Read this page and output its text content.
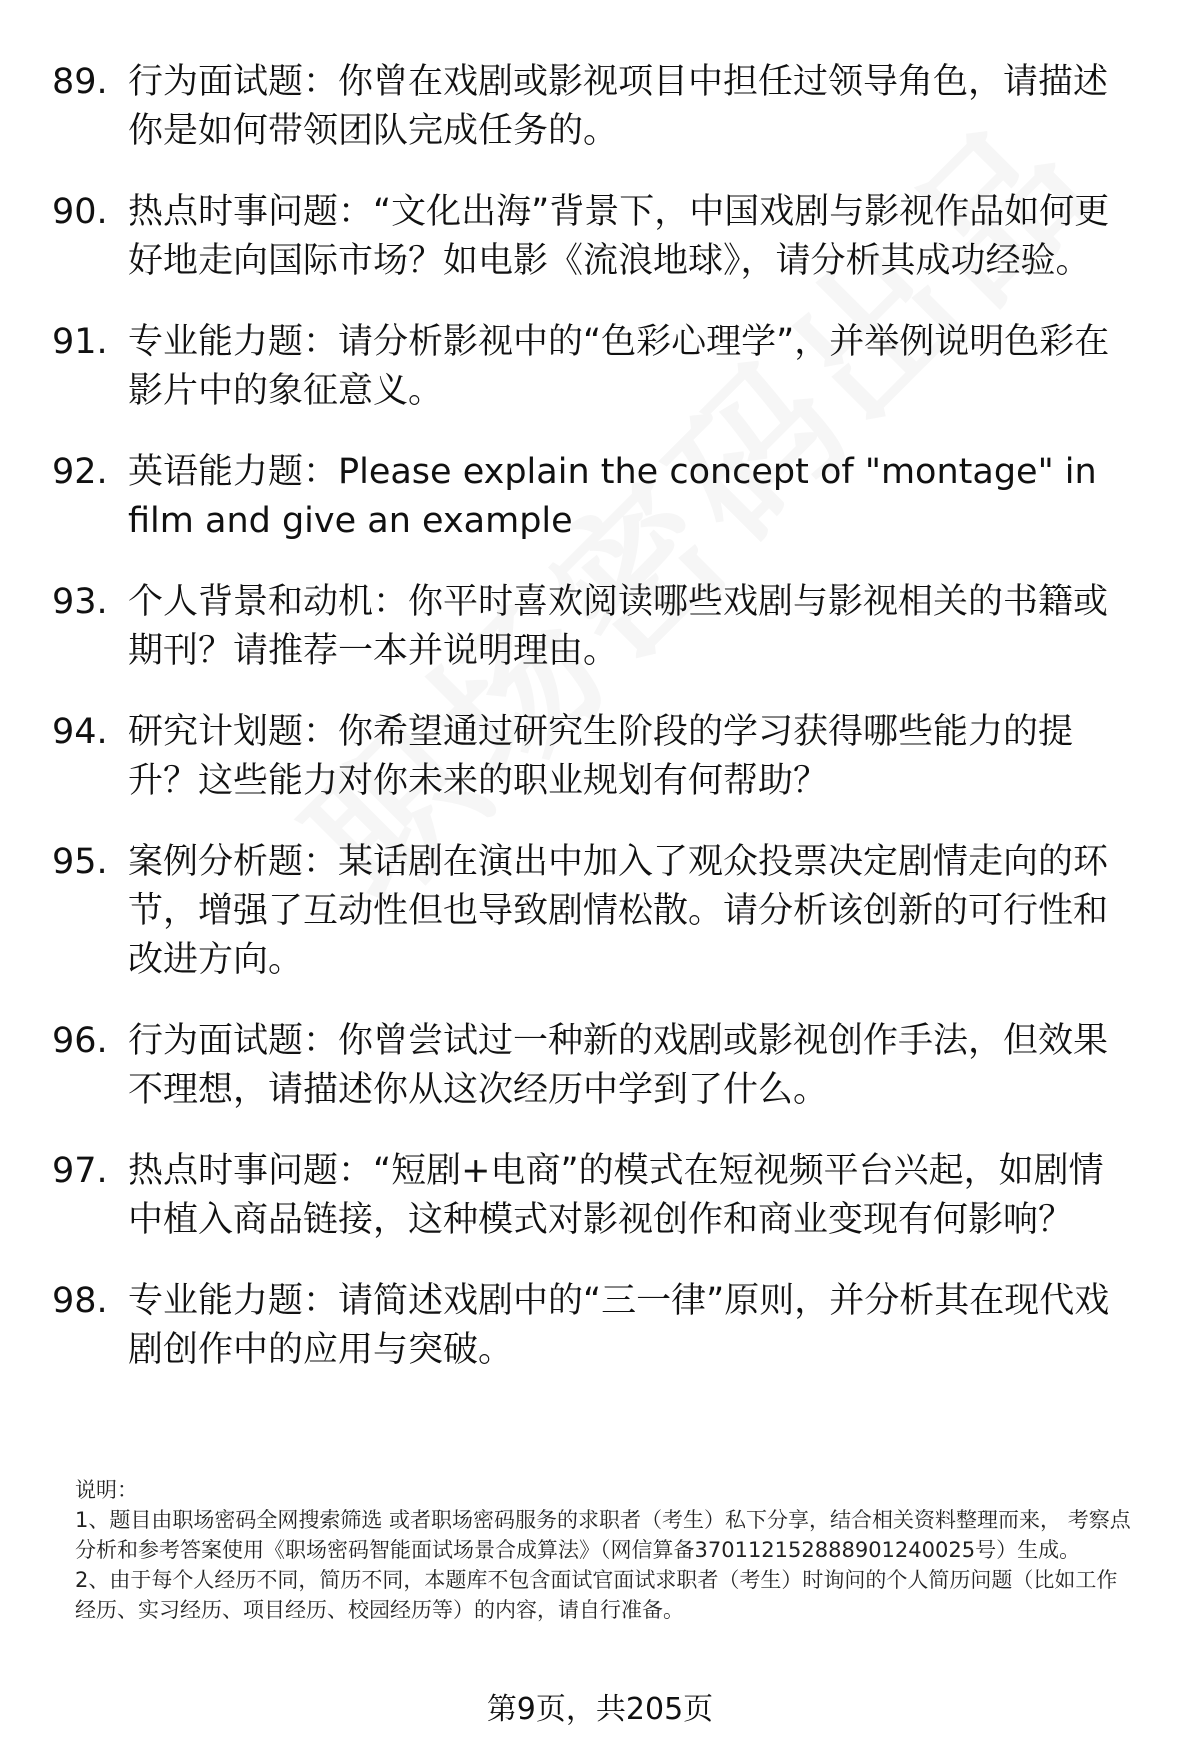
89. 行为面试题：你曾在戏剧或影视项目中担任过领导角色，请描述你是如何带领团队完成任务的。
90. 热点时事问题：“文化出海”背景下，中国戏剧与影视作品如何更好地走向国际市场？如电影《流浪地球》，请分析其成功经验。
91. 专业能力题：请分析影视中的“色彩心理学”，并举例说明色彩在影片中的象征意义。
92. 英语能力题：Please explain the concept of "montage" in film and give an example
93. 个人背景和动机：你平时喜欢阅读哪些戏剧与影视相关的书籍或期刊？请推荐一本并说明理由。
94. 研究计划题：你希望通过研究生阶段的学习获得哪些能力的提升？这些能力对你未来的职业规划有何帮助？
95. 案例分析题：某话剧在演出中加入了观众投票决定剧情走向的环节，增强了互动性但也导致剧情松散。请分析该创新的可行性和改进方向。
96. 行为面试题：你曾尝试过一种新的戏剧或影视创作手法，但效果不理想，请描述你从这次经历中学到了什么。
97. 热点时事问题：“短剧+电商”的模式在短视频平台兴起，如剧情中植入商品链接，这种模式对影视创作和商业变现有何影响？
98. 专业能力题：请简述戏剧中的“三一律”原则，并分析其在现代戏剧创作中的应用与突破。

说明：

1、题目由职场密码全网搜索筛选 或者职场密码服务的求职者（考生）私下分享，结合相关资料整理而来， 考察点分析和参考答案使用《职场密码智能面试场景合成算法》（网信算备370112152888901240025号）生成。

2、由于每个人经历不同，简历不同，本题库不包含面试官面试求职者（考生）时询问的个人简历问题（比如工作经历、实习经历、项目经历、校园经历等）的内容，请自行准备。

第9页，共205页
